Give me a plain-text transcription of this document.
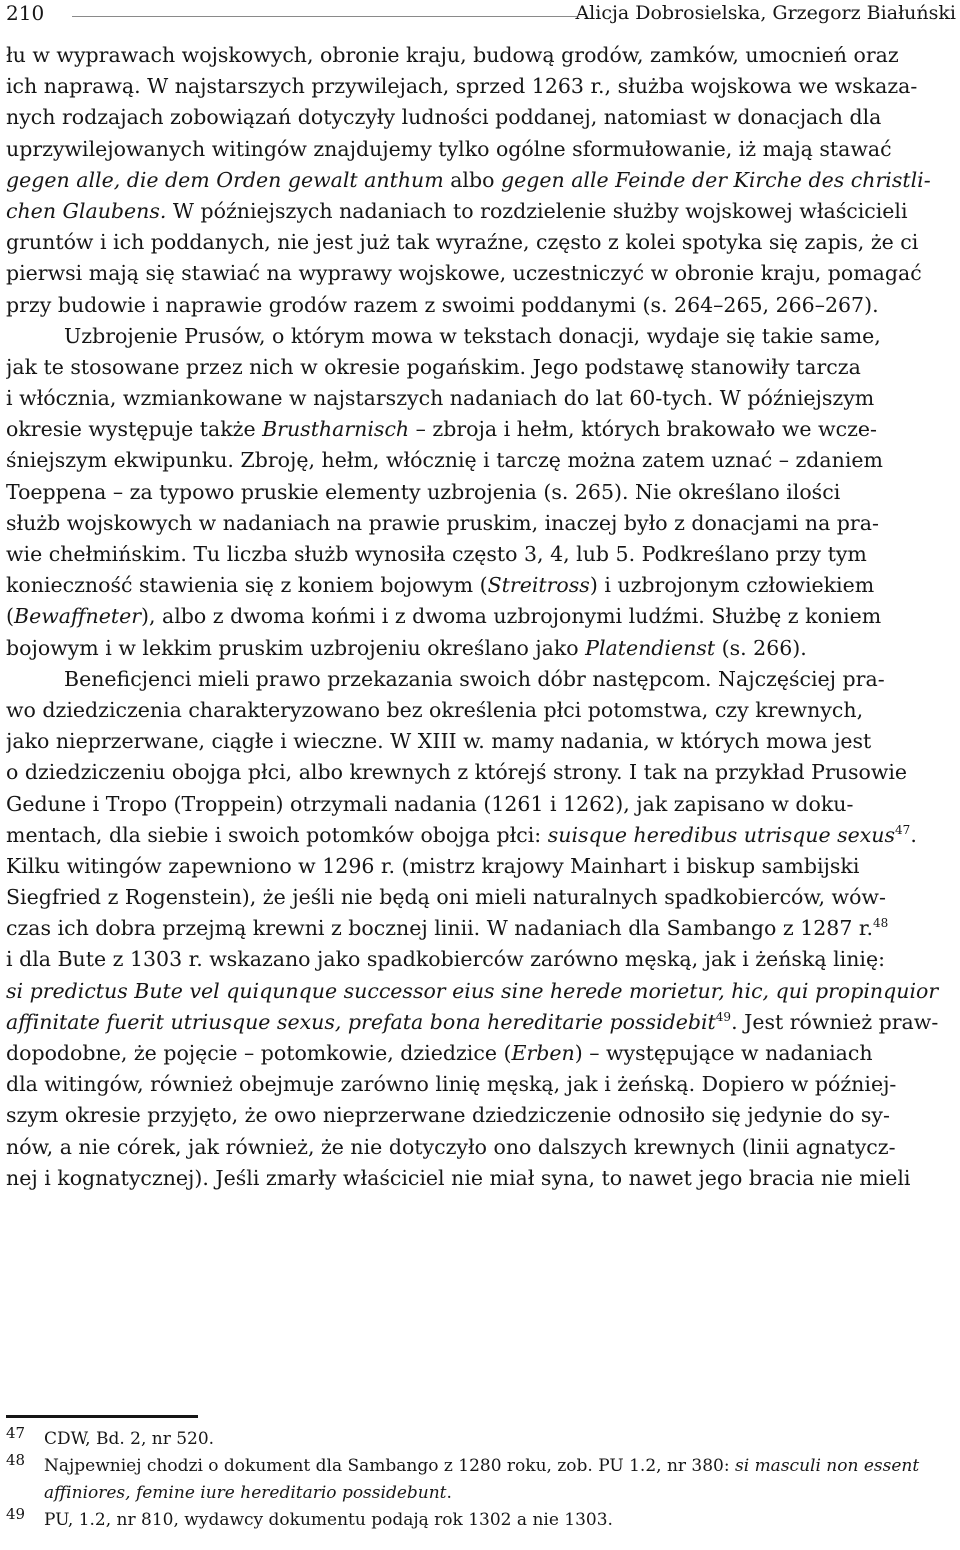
210	Alicja Dobrosielska, Grzegorz Białuński
łu w wyprawach wojskowych, obronie kraju, budową grodów, zamków, umocnień oraz
ich naprawą. W najstarszych przywilejach, sprzed 1263 r., służba wojskowa we wskaza-
nych rodzajach zobowiązań dotyczyły ludności poddanej, natomiast w donacjach dla
uprzywilejowanych witingów znajdujemy tylko ogólne sformułowanie, iż mają stawać
gegen alle, die dem Orden gewalt anthum albo gegen alle Feinde der Kirche des christli-
chen Glaubens. W późniejszych nadaniach to rozdzielenie służby wojskowej właścicieli
gruntów i ich poddanych, nie jest już tak wyraźne, często z kolei spotyka się zapis, że ci
pierwsi mają się stawiać na wyprawy wojskowe, uczestniczyć w obronie kraju, pomagać
przy budowie i naprawie grodów razem z swoimi poddanymi (s. 264–265, 266–267).
Uzbrojenie Prusów, o którym mowa w tekstach donacji, wydaje się takie same,
jak te stosowane przez nich w okresie pogańskim. Jego podstawę stanowiły tarcza
i włócznia, wzmiankowane w najstarszych nadaniach do lat 60-tych. W późniejszym
okresie występuje także Brustharnisch – zbroja i hełm, których brakowało we wcze-
śniejszym ekwipunku. Zbroję, hełm, włócznię i tarczę można zatem uznać – zdaniem
Toeppena – za typowo pruskie elementy uzbrojenia (s. 265). Nie określano ilości
służb wojskowych w nadaniach na prawie pruskim, inaczej było z donacjami na pra-
wie chełmińskim. Tu liczba służb wynosiła często 3, 4, lub 5. Podkreślano przy tym
konieczność stawienia się z koniem bojowym (Streitross) i uzbrojonym człowiekiem
(Bewaffneter), albo z dwoma końmi i z dwoma uzbrojonymi ludźmi. Służbę z koniem
bojowym i w lekkim pruskim uzbrojeniu określano jako Platendienst (s. 266).
Beneficjenci mieli prawo przekazania swoich dóbr następcom. Najczęściej pra-
wo dziedziczenia charakteryzowano bez określenia płci potomstwa, czy krewnych,
jako nieprzerwane, ciągłe i wieczne. W XIII w. mamy nadania, w których mowa jest
o dziedziczeniu obojga płci, albo krewnych z którejś strony. I tak na przykład Prusowie
Gedune i Tropo (Troppein) otrzymali nadania (1261 i 1262), jak zapisano w doku-
mentach, dla siebie i swoich potomków obojga płci: suisque heredibus utrisque sexus$^{47}$.
Kilku witingów zapewniono w 1296 r. (mistrz krajowy Mainhart i biskup sambijski
Siegfried z Rogenstein), że jeśli nie będą oni mieli naturalnych spadkobierców, wów-
czas ich dobra przejmą krewni z bocznej linii. W nadaniach dla Sambango z 1287 r.$^{48}$
i dla Bute z 1303 r. wskazano jako spadkobierców zarówno męską, jak i żeńską linię:
si predictus Bute vel quiqunque successor eius sine herede morietur, hic, qui propinquior
affinitate fuerit utriusque sexus, prefata bona hereditarie possidebit$^{49}$. Jest również praw-
dopodobne, że pojęcie – potomkowie, dziedzice (Erben) – występujące w nadaniach
dla witingów, również obejmuje zarówno linię męską, jak i żeńską. Dopiero w później-
szym okresie przyjęto, że owo nieprzerwane dziedziczenie odnosiło się jedynie do sy-
nów, a nie córek, jak również, że nie dotyczyło ono dalszych krewnych (linii agnatycz-
nej i kognatycznej). Jeśli zmarły właściciel nie miał syna, to nawet jego bracia nie mieli
47 CDW, Bd. 2, nr 520.
48 Najpewniej chodzi o dokument dla Sambango z 1280 roku, zob. PU 1.2, nr 380: si masculi non essent
affiniores, femine iure hereditario possidebunt.
49 PU, 1.2, nr 810, wydawcy dokumentu podają rok 1302 a nie 1303.
